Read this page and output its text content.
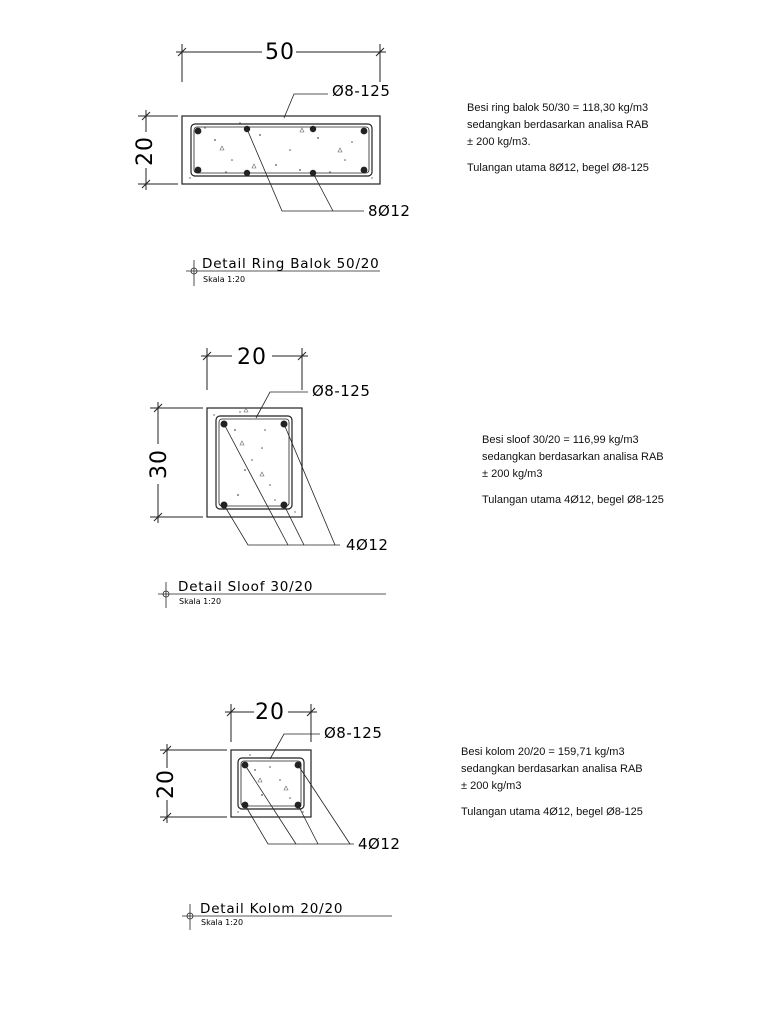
50
20
Ø8-125
8Ø12
Detail Ring Balok 50/20
Skala 1:20
20
30
Ø8-125
4Ø12
Detail Sloof 30/20
Skala 1:20
20
20
Ø8-125
4Ø12
Detail Kolom 20/20
Skala 1:20

Besi ring balok 50/30 = 118,30 kg/m3

sedangkan berdasarkan analisa RAB

± 200 kg/m3.

Tulangan utama 8Ø12, begel Ø8-125

Besi sloof 30/20 = 116,99 kg/m3

sedangkan berdasarkan analisa RAB

± 200 kg/m3

Tulangan utama 4Ø12, begel Ø8-125

Besi kolom 20/20 = 159,71 kg/m3

sedangkan berdasarkan analisa RAB

± 200 kg/m3

Tulangan utama 4Ø12, begel Ø8-125
